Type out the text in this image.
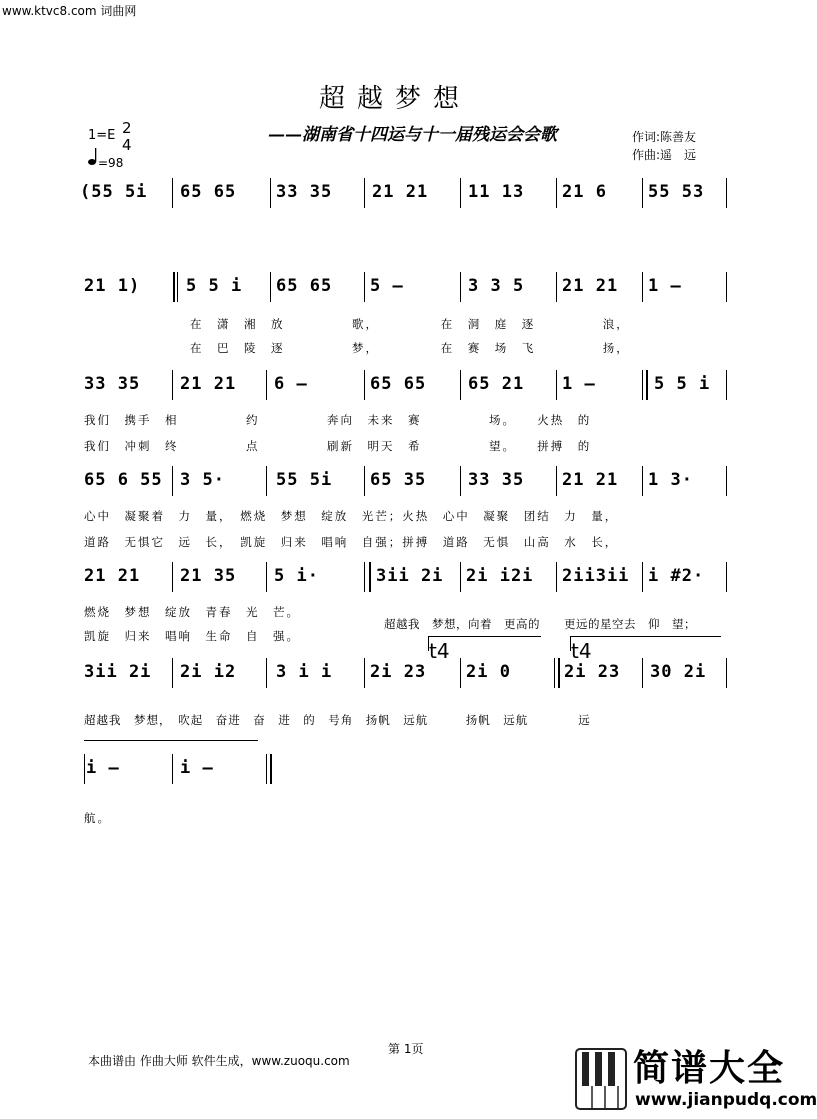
www.ktvc8.com 词曲网
超越梦想
——湖南省十四运与十一届残运会会歌	作词:陈善友
作曲:遥　远
1=E 2
4
=98
(55 5i 65 65 33 35 21 21 11 13 21 6 55 53
21 1)	5 5 i 65 65 5 —	3 3 5 21 21 1 —
在　潇　湘　放　　　　　歌，　　　　　在　洞　庭　逐　　　　　浪，
在　巴　陵　逐　　　　　梦，　　　　　在　赛　场　飞　　　　　扬，
33 35 21 21 6 —	65 65 65 21 1 —	5 5 i
我们　携手　相　　　　　约　　　　　奔向　未来　赛　　　　　场。　　火热　的
我们　冲刺　终　　　　　点　　　　　刷新　明天　希　　　　　望。　　拼搏　的
65 6 55 3 5·	55 5i 65 35 33 35 21 21 1 3·
心中　凝聚着　力　量，　燃烧　梦想　绽放　光芒；火热　心中　凝聚　团结　力　量，
道路　无惧它　远　长，　凯旋　归来　唱响　自强；拼搏　道路　无惧　山高　水　长，
21 21 21 35 5 i·	3ii 2i 2i i2i 2ii3ii i #2·
燃烧　梦想　绽放　青春　光　芒。
凯旋　归来　唱响　生命　自　强。
超越我　梦想，向着　更高的　　更远的星空去　仰　望；
t4	t4
3ii 2i 2i i2 3 i i 2i 23 2i 0	2i 23 30 2i
超越我　梦想，　吹起　奋进　奋　进　的　号角　扬帆　远航　　　扬帆　远航　　　　远
i —	i —
航。
第 1页
本曲谱由 作曲大师 软件生成，www.zuoqu.com	简谱大全
www.jianpudq.com
